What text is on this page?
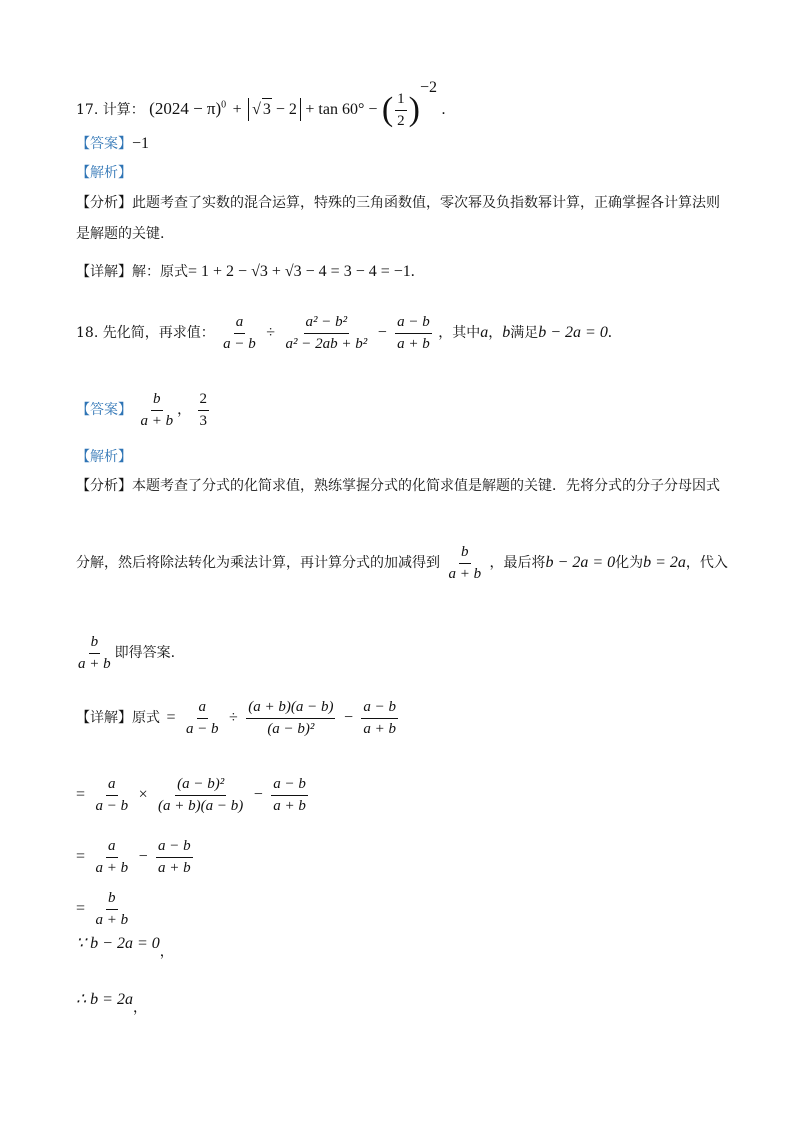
17. 计算： $(2024 - \pi)^0$ + √ 3 − 2 + tan 60° − ( $\frac{1}{2} )^{-2}$ .
【答案】−1
【解析】
【分析】此题考查了实数的混合运算，特殊的三角函数值，零次幂及负指数幂计算，正确掌握各计算法则
是解题的关键.
【详解】解：原式= 1 + 2 − √3 + √3 − 4 = 3 − 4 = −1.
18. 先化简，再求值： $\frac{a}{a - b} \div \frac{\text{a² − b²}}{\text{a² − 2ab + b²}} - \frac{a - b}{a + b}$ ，其中a，b满足b − 2a = 0.
【答案】 $\frac{b}{a + b}$ ， $\frac{2}{3}$
【解析】
【分析】本题考查了分式的化简求值，熟练掌握分式的化简求值是解题的关键．先将分式的分子分母因式
分解，然后将除法转化为乘法计算，再计算分式的加减得到 $\frac{b}{a + b}$ ，最后将b − 2a = 0化为b = 2a，代入
$\frac{b}{a + b}$ 即得答案.
【详解】原式 = $\frac{a}{a - b} \div \frac{(a + b)(a - b)}{\text{(a − b)²}} - \frac{a - b}{a + b}$
= $\frac{a}{a - b} \times \frac{\text{(a − b)²}}{(a + b)(a - b)} - \frac{a - b}{a + b}$
= $\frac{a}{a + b} - \frac{a - b}{a + b}$
= $\frac{b}{a + b}$
∵ b − 2a = 0，
∴ b = 2a，
